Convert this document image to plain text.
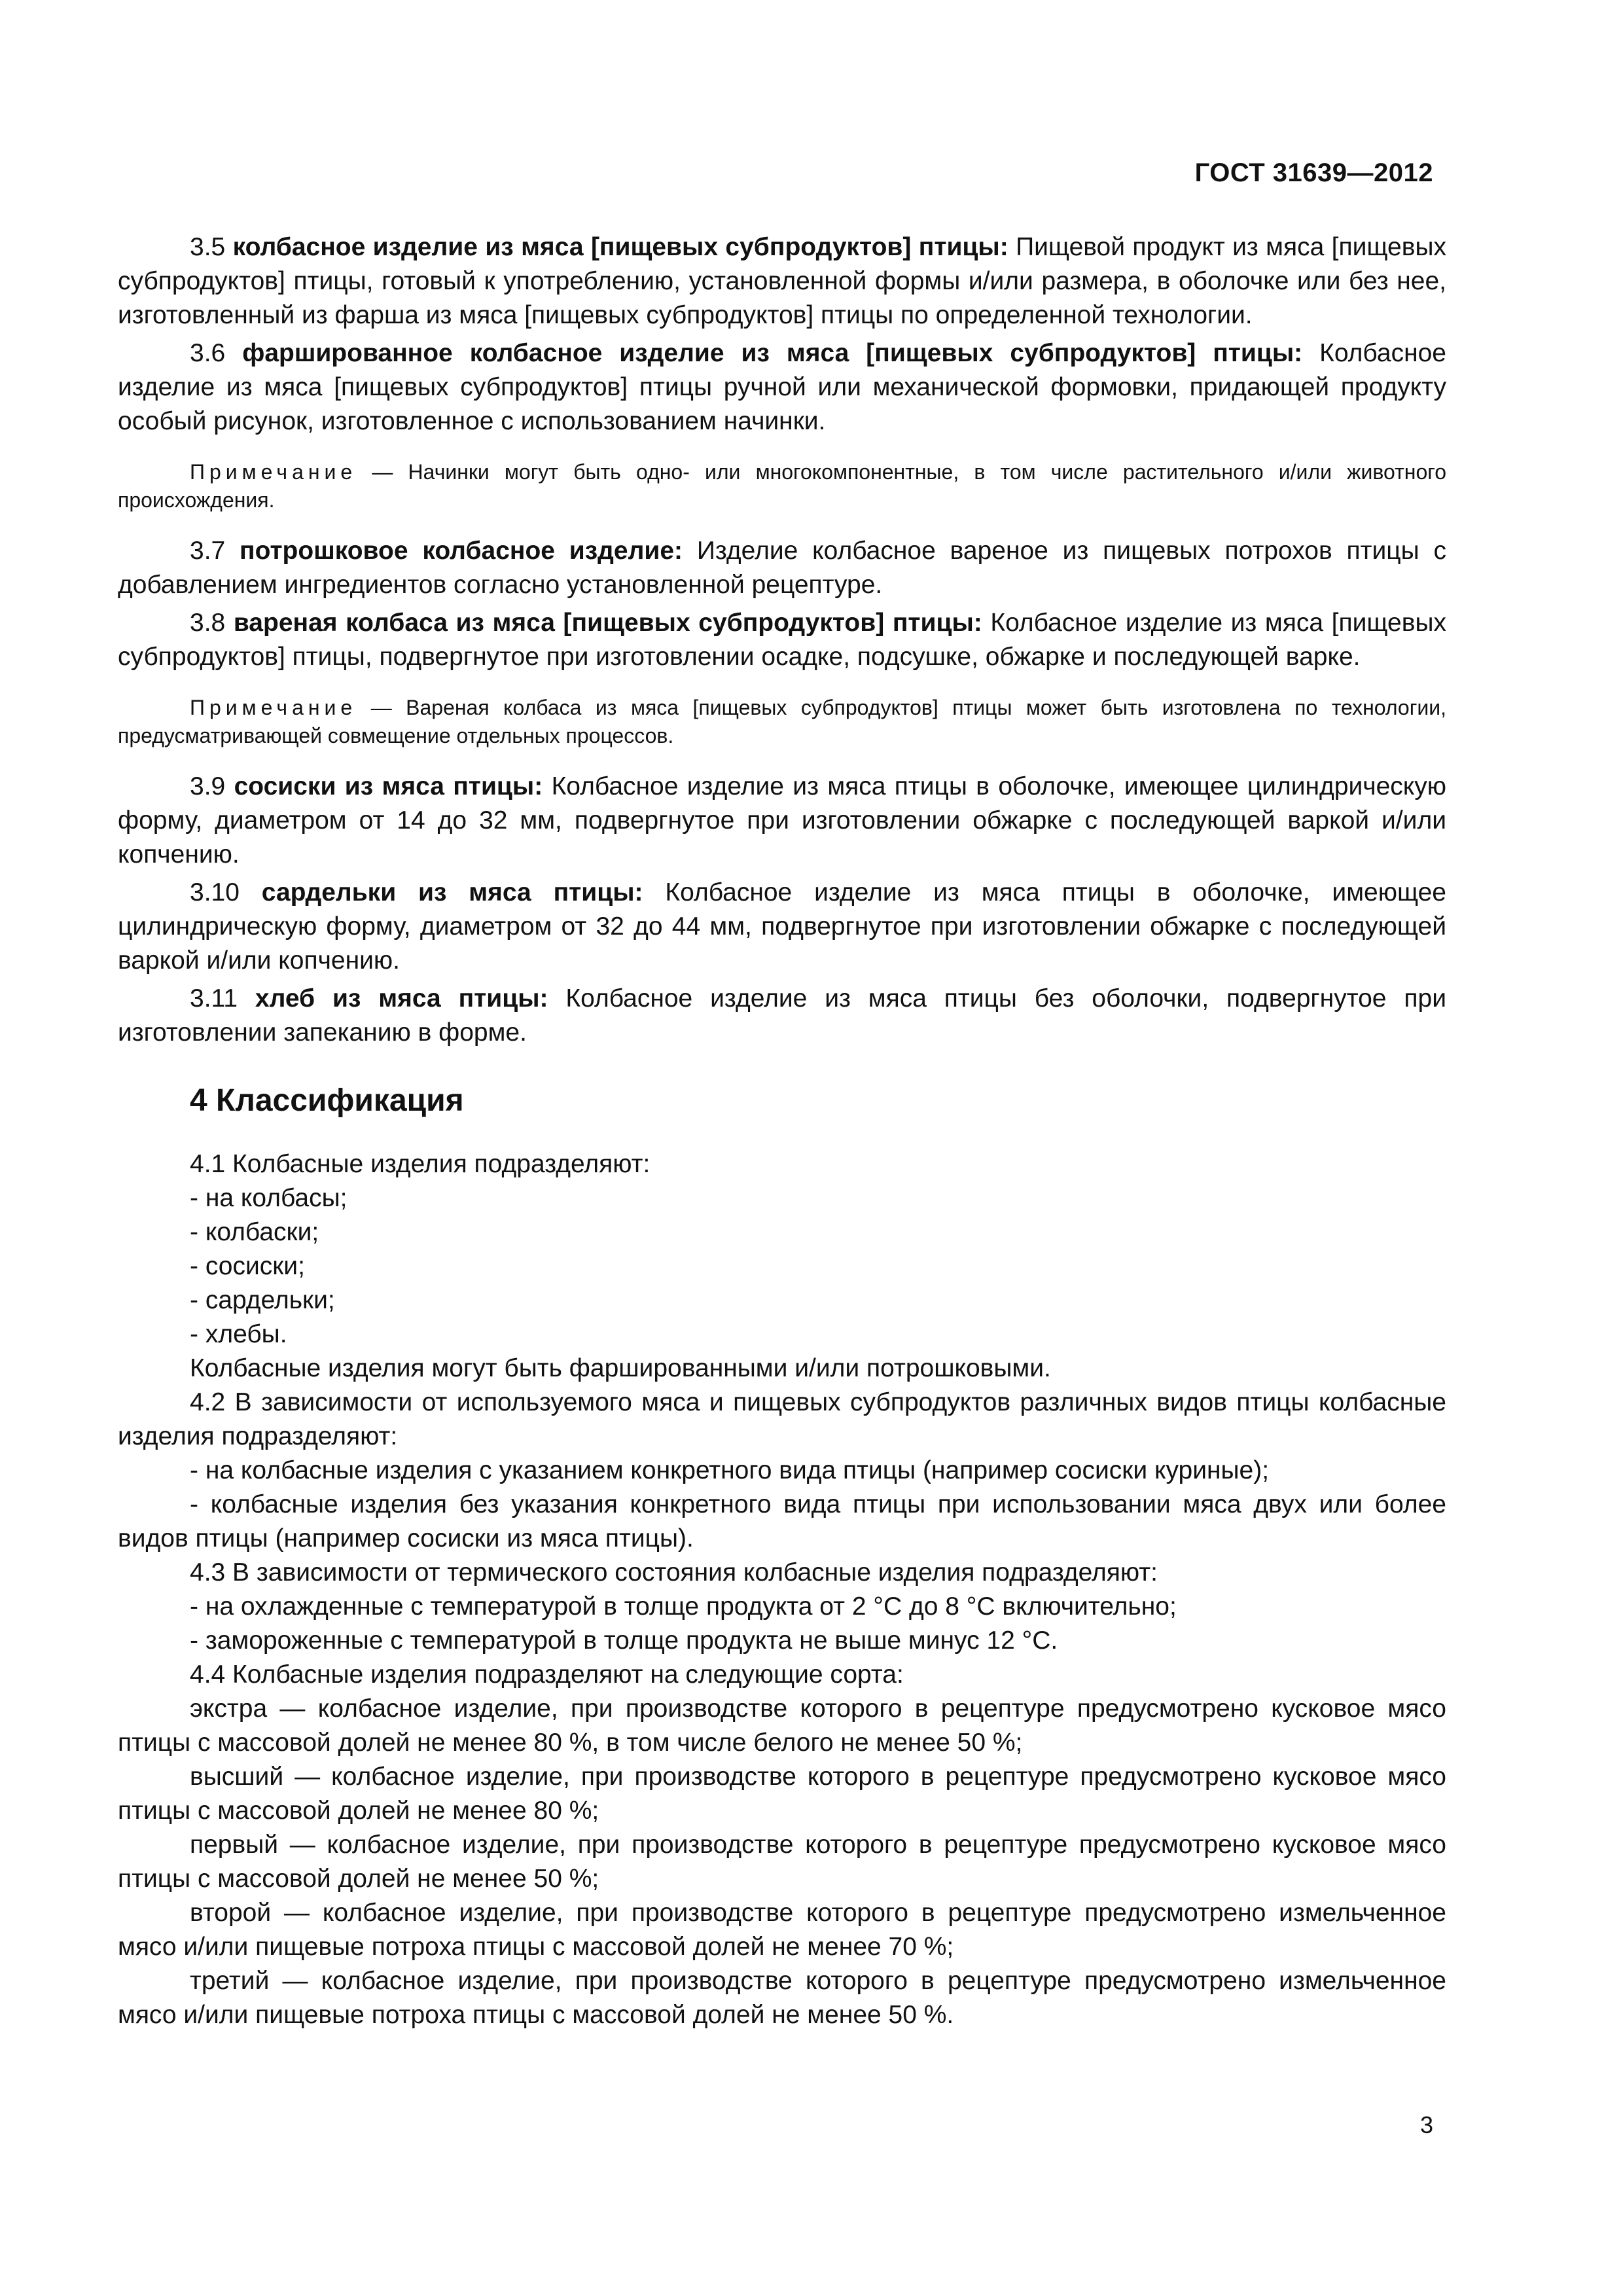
ГОСТ 31639—2012

3.5 колбасное изделие из мяса [пищевых субпродуктов] птицы: Пищевой продукт из мяса [пищевых субпродуктов] птицы, готовый к употреблению, установленной формы и/или размера, в оболочке или без нее, изготовленный из фарша из мяса [пищевых субпродуктов] птицы по определенной технологии.

3.6 фаршированное колбасное изделие из мяса [пищевых субпродуктов] птицы: Колбасное изделие из мяса [пищевых субпродуктов] птицы ручной или механической формовки, придающей продукту особый рисунок, изготовленное с использованием начинки.

Примечание — Начинки могут быть одно- или многокомпонентные, в том числе растительного и/или животного происхождения.

3.7 потрошковое колбасное изделие: Изделие колбасное вареное из пищевых потрохов птицы с добавлением ингредиентов согласно установленной рецептуре.

3.8 вареная колбаса из мяса [пищевых субпродуктов] птицы: Колбасное изделие из мяса [пищевых субпродуктов] птицы, подвергнутое при изготовлении осадке, подсушке, обжарке и последующей варке.

Примечание — Вареная колбаса из мяса [пищевых субпродуктов] птицы может быть изготовлена по технологии, предусматривающей совмещение отдельных процессов.

3.9 сосиски из мяса птицы: Колбасное изделие из мяса птицы в оболочке, имеющее цилиндрическую форму, диаметром от 14 до 32 мм, подвергнутое при изготовлении обжарке с последующей варкой и/или копчению.

3.10 сардельки из мяса птицы: Колбасное изделие из мяса птицы в оболочке, имеющее цилиндрическую форму, диаметром от 32 до 44 мм, подвергнутое при изготовлении обжарке с последующей варкой и/или копчению.

3.11 хлеб из мяса птицы: Колбасное изделие из мяса птицы без оболочки, подвергнутое при изготовлении запеканию в форме.

4 Классификация

4.1 Колбасные изделия подразделяют:

- на колбасы;

- колбаски;

- сосиски;

- сардельки;

- хлебы.

Колбасные изделия могут быть фаршированными и/или потрошковыми.

4.2 В зависимости от используемого мяса и пищевых субпродуктов различных видов птицы колбасные изделия подразделяют:

- на колбасные изделия с указанием конкретного вида птицы (например сосиски куриные);

- колбасные изделия без указания конкретного вида птицы при использовании мяса двух или более видов птицы (например сосиски из мяса птицы).

4.3 В зависимости от термического состояния колбасные изделия подразделяют:

- на охлажденные с температурой в толще продукта от 2 °С до 8 °С включительно;

- замороженные с температурой в толще продукта не выше минус 12 °С.

4.4 Колбасные изделия подразделяют на следующие сорта:

экстра — колбасное изделие, при производстве которого в рецептуре предусмотрено кусковое мясо птицы с массовой долей не менее 80 %, в том числе белого не менее 50 %;

высший — колбасное изделие, при производстве которого в рецептуре предусмотрено кусковое мясо птицы с массовой долей не менее 80 %;

первый — колбасное изделие, при производстве которого в рецептуре предусмотрено кусковое мясо птицы с массовой долей не менее 50 %;

второй — колбасное изделие, при производстве которого в рецептуре предусмотрено измельченное мясо и/или пищевые потроха птицы с массовой долей не менее 70 %;

третий — колбасное изделие, при производстве которого в рецептуре предусмотрено измельченное мясо и/или пищевые потроха птицы с массовой долей не менее 50 %.

3
